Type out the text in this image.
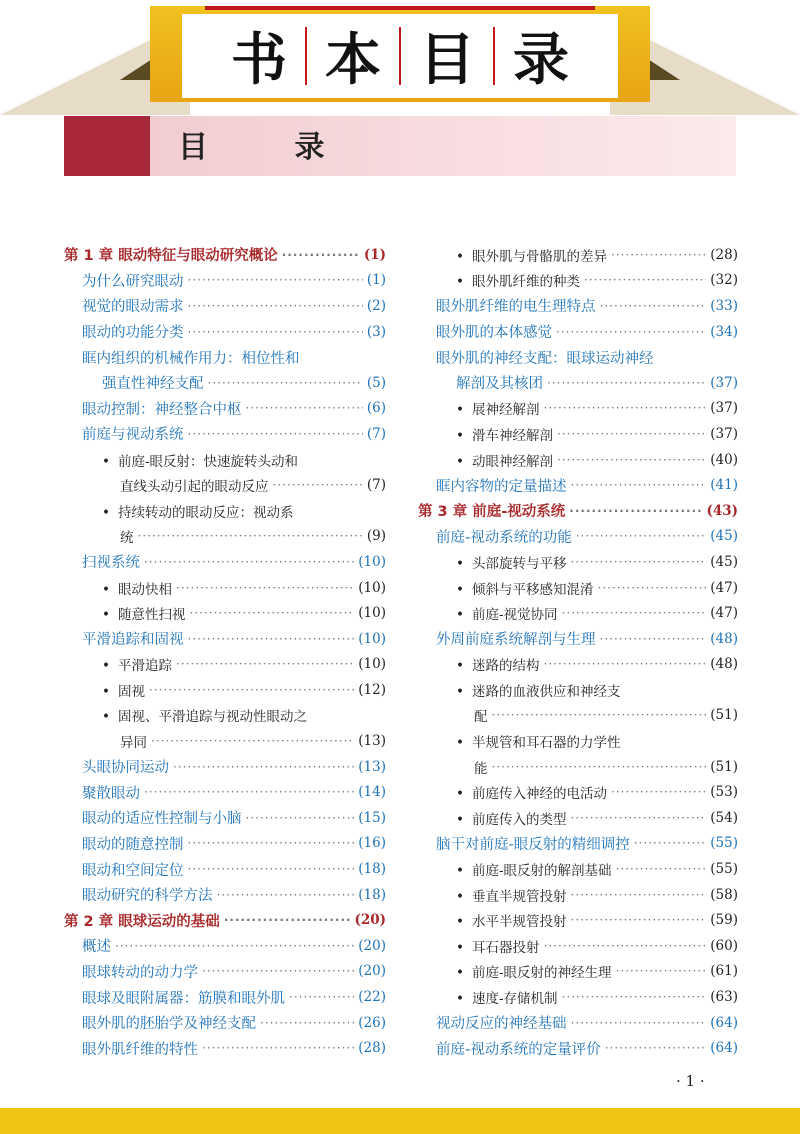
书 本 目 录
目 录
第 1 章 眼动特征与眼动研究概论 ·····	(1)
为什么研究眼动 ·····	(1)
视觉的眼动需求 ·····	(2)
眼动的功能分类 ·····	(3)
眶内组织的机械作用力：相位性和
强直性神经支配 ·····	(5)
眼动控制：神经整合中枢 ·····	(6)
前庭与视动系统 ·····	(7)
• 前庭-眼反射：快速旋转头动和
直线头动引起的眼动反应 ·····	(7)
• 持续转动的眼动反应：视动系
统 ·····	(9)
扫视系统 ·····	(10)
• 眼动快相 ·····	(10)
• 随意性扫视 ·····	(10)
平滑追踪和固视 ·····	(10)
• 平滑追踪 ·····	(10)
• 固视 ·····	(12)
• 固视、平滑追踪与视动性眼动之
异同 ·····	(13)
头眼协同运动 ·····	(13)
聚散眼动 ·····	(14)
眼动的适应性控制与小脑 ·····	(15)
眼动的随意控制 ·····	(16)
眼动和空间定位 ·····	(18)
眼动研究的科学方法 ·····	(18)
第 2 章 眼球运动的基础 ·····	(20)
概述 ·····	(20)
眼球转动的动力学 ·····	(20)
眼球及眼附属器：筋膜和眼外肌 ·····	(22)
眼外肌的胚胎学及神经支配 ·····	(26)
眼外肌纤维的特性 ·····	(28)
• 眼外肌与骨骼肌的差异 ·····	(28)
• 眼外肌纤维的种类 ·····	(32)
眼外肌纤维的电生理特点 ·····	(33)
眼外肌的本体感觉 ·····	(34)
眼外肌的神经支配：眼球运动神经
解剖及其核团 ·····	(37)
• 展神经解剖 ·····	(37)
• 滑车神经解剖 ·····	(37)
• 动眼神经解剖 ·····	(40)
眶内容物的定量描述 ·····	(41)
第 3 章 前庭-视动系统 ·····	(43)
前庭-视动系统的功能 ·····	(45)
• 头部旋转与平移 ·····	(45)
• 倾斜与平移感知混淆 ·····	(47)
• 前庭-视觉协同 ·····	(47)
外周前庭系统解剖与生理 ·····	(48)
• 迷路的结构 ·····	(48)
• 迷路的血液供应和神经支
配 ·····	(51)
• 半规管和耳石器的力学性
能 ·····	(51)
• 前庭传入神经的电活动 ·····	(53)
• 前庭传入的类型 ·····	(54)
脑干对前庭-眼反射的精细调控 ·····	(55)
• 前庭-眼反射的解剖基础 ·····	(55)
• 垂直半规管投射 ·····	(58)
• 水平半规管投射 ·····	(59)
• 耳石器投射 ·····	(60)
• 前庭-眼反射的神经生理 ·····	(61)
• 速度-存储机制 ·····	(63)
视动反应的神经基础 ·····	(64)
前庭-视动系统的定量评价 ·····	(64)
· 1 ·
